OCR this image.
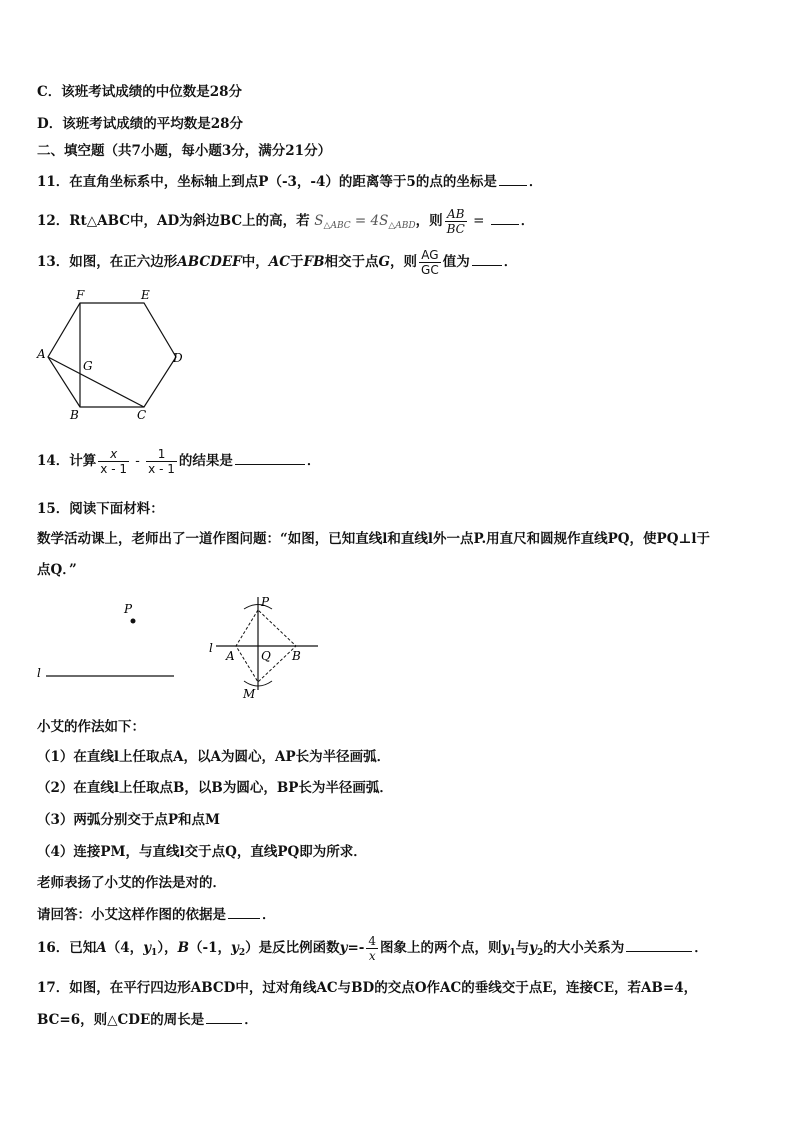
C．该班考试成绩的中位数是28分
D．该班考试成绩的平均数是28分
二、填空题（共7小题，每小题3分，满分21分）
11．在直角坐标系中，坐标轴上到点P（-3，-4）的距离等于5的点的坐标是 ．
12．Rt△ABC中，AD为斜边BC上的高，若 $S_{\triangle ABC} = 4S_{\triangle ABD}$，则 $\frac{AB}{BC}$ = ．
13．如图，在正六边形ABCDEF中，AC于FB相交于点G，则 $\frac{AG}{GC}$ 值为	．
F	E
A
G
D
B	C
14．计算 $\frac{x}{x - 1} - \frac{1}{x - 1}$ 的结果是	．
15．阅读下面材料：
数学活动课上，老师出了一道作图问题：“如图，已知直线l和直线l外一点P.用直尺和圆规作直线PQ，使PQ⊥l于
点Q．”
P
l
P
l
A Q B
M
小艾的作法如下：
（1）在直线l上任取点A，以A为圆心，AP长为半径画弧．
（2）在直线l上任取点B，以B为圆心，BP长为半径画弧．
（3）两弧分别交于点P和点M
（4）连接PM，与直线l交于点Q，直线PQ即为所求．
老师表扬了小艾的作法是对的．
请回答：小艾这样作图的依据是	．
16．已知A（4，$y_1$），B（-1，$y_2$）是反比例函数$y=- \frac{4}{x}$ 图象上的两个点，则$y_1$与$y_2$的大小关系为	．
17．如图，在平行四边形ABCD中，过对角线AC与BD的交点O作AC的垂线交于点E，连接CE，若AB=4，
BC=6，则△CDE的周长是	．
